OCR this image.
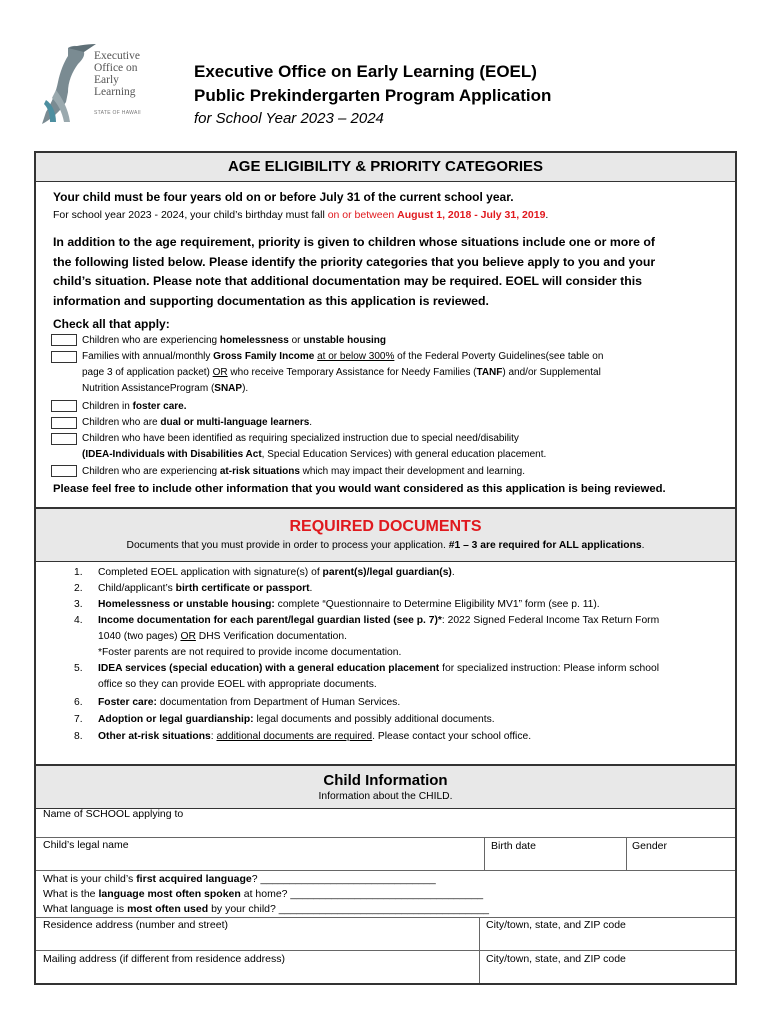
Executive
Office on
Early
Learning
STATE OF HAWAII
Executive Office on Early Learning (EOEL)
Public Prekindergarten Program Application
for School Year 2023 – 2024
AGE ELIGIBILITY & PRIORITY CATEGORIES
Your child must be four years old on or before July 31 of the current school year.
For school year 2023 - 2024, your child’s birthday must fall on or between August 1, 2018 - July 31, 2019.
In addition to the age requirement, priority is given to children whose situations include one or more of
the following listed below. Please identify the priority categories that you believe apply to you and your
child’s situation. Please note that additional documentation may be required. EOEL will consider this
information and supporting documentation as this application is reviewed.
Check all that apply:
Children who are experiencing homelessness or unstable housing
Families with annual/monthly Gross Family Income at or below 300% of the Federal Poverty Guidelines(see table on
page 3 of application packet) OR who receive Temporary Assistance for Needy Families (TANF) and/or Supplemental
Nutrition AssistanceProgram (SNAP).
Children in foster care.
Children who are dual or multi-language learners.
Children who have been identified as requiring specialized instruction due to special need/disability
(IDEA-Individuals with Disabilities Act, Special Education Services) with general education placement.
Children who are experiencing at-risk situations which may impact their development and learning.
Please feel free to include other information that you would want considered as this application is being reviewed.
REQUIRED DOCUMENTS
Documents that you must provide in order to process your application. #1 – 3 are required for ALL applications.
1. Completed EOEL application with signature(s) of parent(s)/legal guardian(s).
2. Child/applicant’s birth certificate or passport.
3. Homelessness or unstable housing: complete “Questionnaire to Determine Eligibility MV1” form (see p. 11).
4. Income documentation for each parent/legal guardian listed (see p. 7)*: 2022 Signed Federal Income Tax Return Form
1040 (two pages) OR DHS Verification documentation.
*Foster parents are not required to provide income documentation.
5. IDEA services (special education) with a general education placement for specialized instruction: Please inform school
office so they can provide EOEL with appropriate documents.
6. Foster care: documentation from Department of Human Services.
7. Adoption or legal guardianship: legal documents and possibly additional documents.
8. Other at-risk situations: additional documents are required. Please contact your school office.
Child Information
Information about the CHILD.
Name of SCHOOL applying to
Child’s legal name	Birth date	Gender
What is your child’s first acquired language? ______________________________
What is the language most often spoken at home? _________________________________
What language is most often used by your child? ____________________________________
Residence address (number and street)	City/town, state, and ZIP code
Mailing address (if different from residence address)	City/town, state, and ZIP code
